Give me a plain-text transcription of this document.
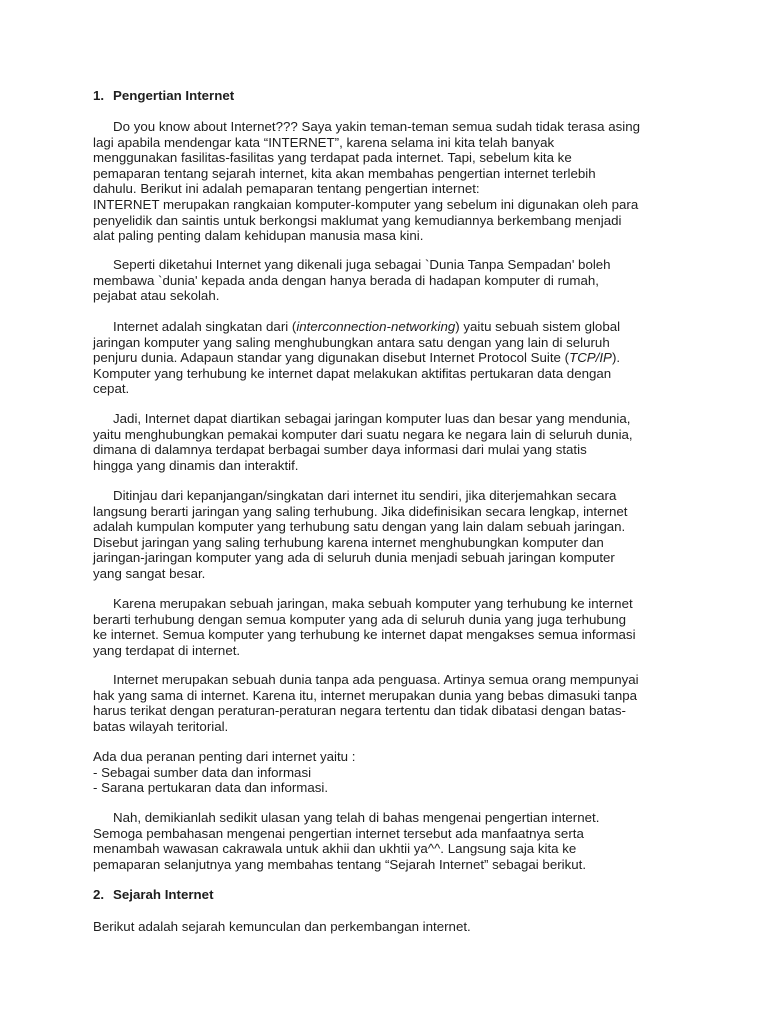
1. Pengertian Internet
Do you know about Internet??? Saya yakin teman-teman semua sudah tidak terasa asing
lagi apabila mendengar kata “INTERNET”, karena selama ini kita telah banyak
menggunakan fasilitas-fasilitas yang terdapat pada internet. Tapi, sebelum kita ke
pemaparan tentang sejarah internet, kita akan membahas pengertian internet terlebih
dahulu. Berikut ini adalah pemaparan tentang pengertian internet:
INTERNET merupakan rangkaian komputer-komputer yang sebelum ini digunakan oleh para
penyelidik dan saintis untuk berkongsi maklumat yang kemudiannya berkembang menjadi
alat paling penting dalam kehidupan manusia masa kini.
Seperti diketahui Internet yang dikenali juga sebagai `Dunia Tanpa Sempadan' boleh
membawa `dunia' kepada anda dengan hanya berada di hadapan komputer di rumah,
pejabat atau sekolah.
Internet adalah singkatan dari (interconnection-networking) yaitu sebuah sistem global
jaringan komputer yang saling menghubungkan antara satu dengan yang lain di seluruh
penjuru dunia. Adapaun standar yang digunakan disebut Internet Protocol Suite (TCP/IP).
Komputer yang terhubung ke internet dapat melakukan aktifitas pertukaran data dengan
cepat.
Jadi, Internet dapat diartikan sebagai jaringan komputer luas dan besar yang mendunia,
yaitu menghubungkan pemakai komputer dari suatu negara ke negara lain di seluruh dunia,
dimana di dalamnya terdapat berbagai sumber daya informasi dari mulai yang statis
hingga yang dinamis dan interaktif.
Ditinjau dari kepanjangan/singkatan dari internet itu sendiri, jika diterjemahkan secara
langsung berarti jaringan yang saling terhubung. Jika didefinisikan secara lengkap, internet
adalah kumpulan komputer yang terhubung satu dengan yang lain dalam sebuah jaringan.
Disebut jaringan yang saling terhubung karena internet menghubungkan komputer dan
jaringan-jaringan komputer yang ada di seluruh dunia menjadi sebuah jaringan komputer
yang sangat besar.
Karena merupakan sebuah jaringan, maka sebuah komputer yang terhubung ke internet
berarti terhubung dengan semua komputer yang ada di seluruh dunia yang juga terhubung
ke internet. Semua komputer yang terhubung ke internet dapat mengakses semua informasi
yang terdapat di internet.
Internet merupakan sebuah dunia tanpa ada penguasa. Artinya semua orang mempunyai
hak yang sama di internet. Karena itu, internet merupakan dunia yang bebas dimasuki tanpa
harus terikat dengan peraturan-peraturan negara tertentu dan tidak dibatasi dengan batas-
batas wilayah teritorial.
Ada dua peranan penting dari internet yaitu :
- Sebagai sumber data dan informasi
- Sarana pertukaran data dan informasi.
Nah, demikianlah sedikit ulasan yang telah di bahas mengenai pengertian internet.
Semoga pembahasan mengenai pengertian internet tersebut ada manfaatnya serta
menambah wawasan cakrawala untuk akhii dan ukhtii ya^^. Langsung saja kita ke
pemaparan selanjutnya yang membahas tentang “Sejarah Internet” sebagai berikut.
2. Sejarah Internet
Berikut adalah sejarah kemunculan dan perkembangan internet.
